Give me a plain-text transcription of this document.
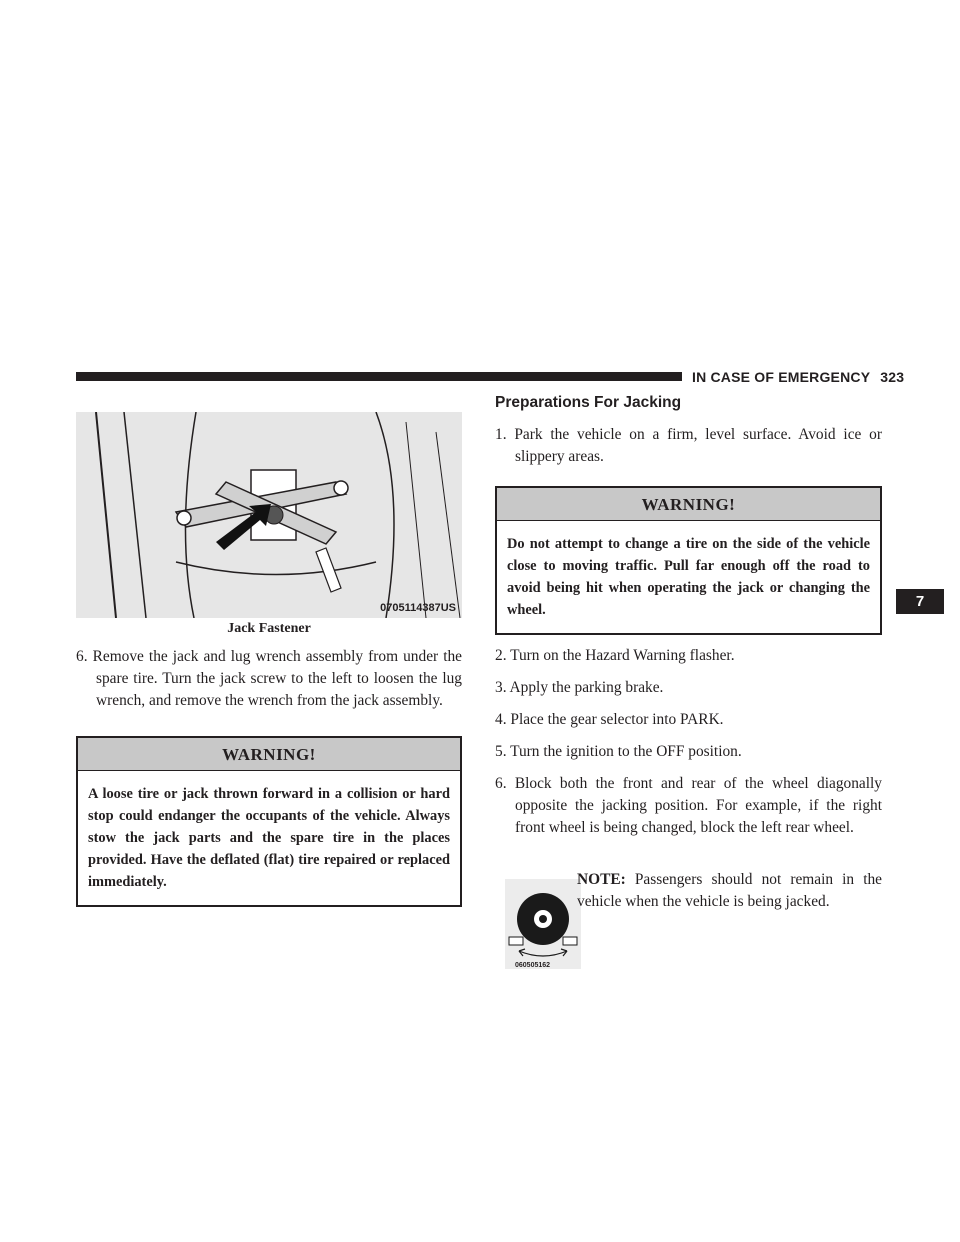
IN CASE OF EMERGENCY 323
0705114387US
Jack Fastener

6. Remove the jack and lug wrench assembly from under the spare tire. Turn the jack screw to the left to loosen the lug wrench, and remove the wrench from the jack assembly.

WARNING!
A loose tire or jack thrown forward in a collision or hard stop could endanger the occupants of the vehicle. Always stow the jack parts and the spare tire in the places provided. Have the deflated (flat) tire repaired or replaced immediately.
Preparations For Jacking

1. Park the vehicle on a firm, level surface. Avoid ice or slippery areas.

WARNING!
Do not attempt to change a tire on the side of the vehicle close to moving traffic. Pull far enough off the road to avoid being hit when operating the jack or changing the wheel.

2. Turn on the Hazard Warning flasher.

3. Apply the parking brake.

4. Place the gear selector into PARK.

5. Turn the ignition to the OFF position.

6. Block both the front and rear of the wheel diagonally opposite the jacking position. For example, if the right front wheel is being changed, block the left rear wheel.

060505162
NOTE: Passengers should not remain in the vehicle when the vehicle is being jacked.
7
